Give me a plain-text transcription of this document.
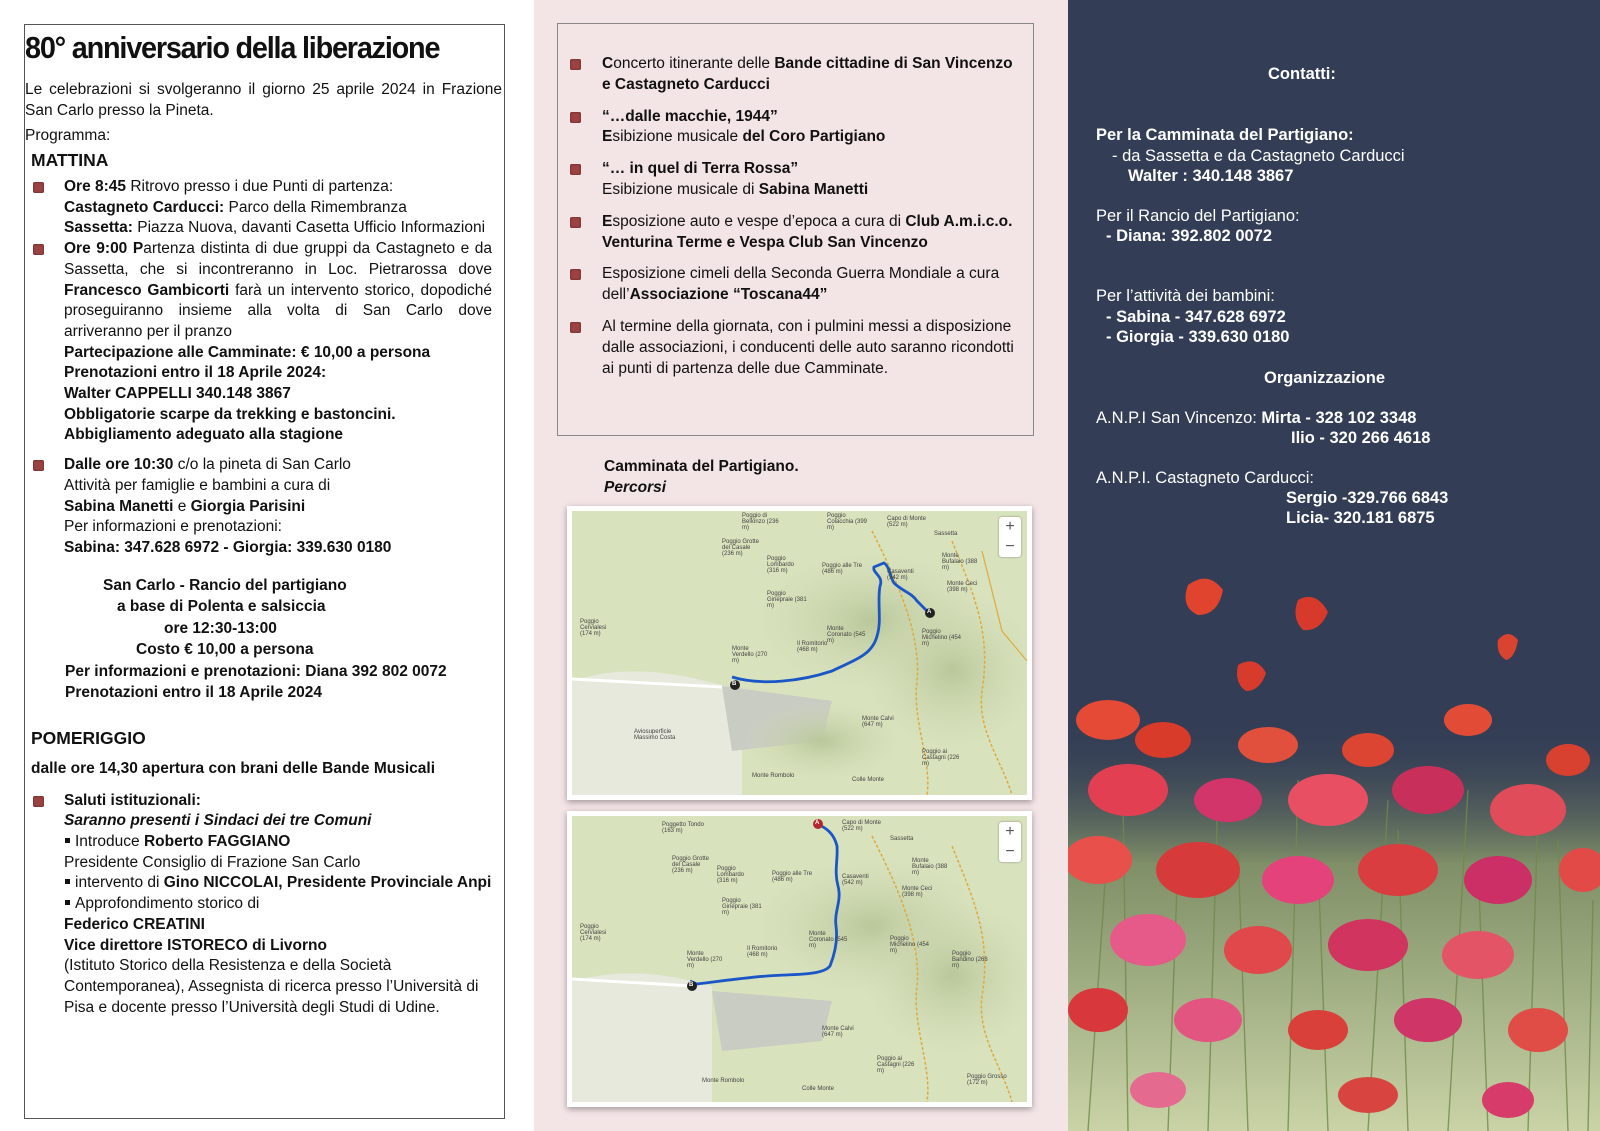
80° anniversario della liberazione
Le celebrazioni si svolgeranno il giorno 25 aprile 2024 in Frazione San Carlo presso la Pineta.
Programma:
MATTINA

Ore 8:45 Ritrovo presso i due Punti di partenza:

Castagneto Carducci: Parco della Rimembranza

Sassetta: Piazza Nuova, davanti Casetta Ufficio Informazioni

Ore 9:00 Partenza distinta di due gruppi da Castagneto e da Sassetta, che si incontreranno in Loc. Pietrarossa dove Francesco Gambicorti farà un intervento storico, dopodiché proseguiranno insieme alla volta di San Carlo dove arriveranno per il pranzo

Partecipazione alle Camminate: € 10,00 a persona

Prenotazioni entro il 18 Aprile 2024:

Walter CAPPELLI 340.148 3867

Obbligatorie scarpe da trekking e bastoncini.

Abbigliamento adeguato alla stagione

Dalle ore 10:30 c/o la pineta di San Carlo

Attività per famiglie e bambini a cura di

Sabina Manetti e Giorgia Parisini

Per informazioni e prenotazioni:

Sabina: 347.628 6972 - Giorgia: 339.630 0180

San Carlo - Rancio del partigiano
a base di Polenta e salsiccia
ore 12:30-13:00
Costo € 10,00 a persona
Per informazioni e prenotazioni: Diana 392 802 0072
Prenotazioni entro il 18 Aprile 2024
POMERIGGIO
dalle ore 14,30 apertura con brani delle Bande Musicali

Saluti istituzionali:

Saranno presenti i Sindaci dei tre Comuni

Introduce Roberto FAGGIANO

Presidente Consiglio di Frazione San Carlo

intervento di Gino NICCOLAI, Presidente Provinciale Anpi

Approfondimento storico di

Federico CREATINI

Vice direttore ISTORECO di Livorno

(Istituto Storico della Resistenza e della Società Contemporanea), Assegnista di ricerca presso l’Università di Pisa e docente presso l’Università degli Studi di Udine.

Concerto itinerante delle Bande cittadine di San Vincenzo e Castagneto Carducci
“…dalle macchie, 1944”
Esibizione musicale del Coro Partigiano
“… in quel di Terra Rossa”
Esibizione musicale di Sabina Manetti
Esposizione auto e vespe d’epoca a cura di Club A.m.i.c.o. Venturina Terme e Vespa Club San Vincenzo
Esposizione cimeli della Seconda Guerra Mondiale a cura dell’Associazione “Toscana44”
Al termine della giornata, con i pulmini messi a disposizione dalle associazioni, i conducenti delle auto saranno ricondotti ai punti di partenza delle due Camminate.
Camminata del Partigiano.
Percorsi
B
A
Poggio Cervialesi (174 m)
Poggio Grotte del Casale (236 m)
Poggio di Bellonzo (236 m)
Poggio Lombardo (316 m)
Poggio Ginepraie (381 m)
Monte Verdello (270 m)
Il Romitorio (468 m)
Monte Coronato (545 m)
Monte Calvi (647 m)
Poggio Michelino (454 m)
Monte Ceci (398 m)
Monte Bufalaio (388 m)
Sassetta
Capo di Monte (522 m)
Poggio Colacchia (399 m)
Casaventi (542 m)
Poggio alle Tre (486 m)
Monte Rombolo
Colle Monte
Aviosuperficie Massimo Costa
Poggio ai Castagni (226 m)
+
−
A
B
Poggetto Tondo (163 m)
Poggio Cervialesi (174 m)
Poggio Grotte del Casale (236 m)	Poggio Lombardo (316 m)
Poggio Ginepraie (381 m)
Monte Verdello (270 m)
Il Romitorio (468 m)
Monte Coronato (545 m)
Monte Calvi (647 m)
Poggio Michelino (454 m)
Monte Ceci (398 m)
Monte Bufalaio (388 m)
Sassetta
Capo di Monte (522 m)
Casaventi (542 m)
Poggio alle Tre (486 m)
Poggio Bandino (268 m)
Monte Rombolo
Colle Monte
Poggio ai Castagni (226 m)
Poggio Grosso (172 m)
+
−
Contatti:
Per la Camminata del Partigiano:
- da Sassetta e da Castagneto Carducci
Walter : 340.148 3867
Per il Rancio del Partigiano:
- Diana: 392.802 0072
Per l’attività dei bambini:
- Sabina - 347.628 6972
- Giorgia - 339.630 0180
Organizzazione
A.N.P.I San Vincenzo: Mirta - 328 102 3348
Ilio - 320 266 4618
A.N.P.I. Castagneto Carducci:
Sergio -329.766 6843
Licia- 320.181 6875
